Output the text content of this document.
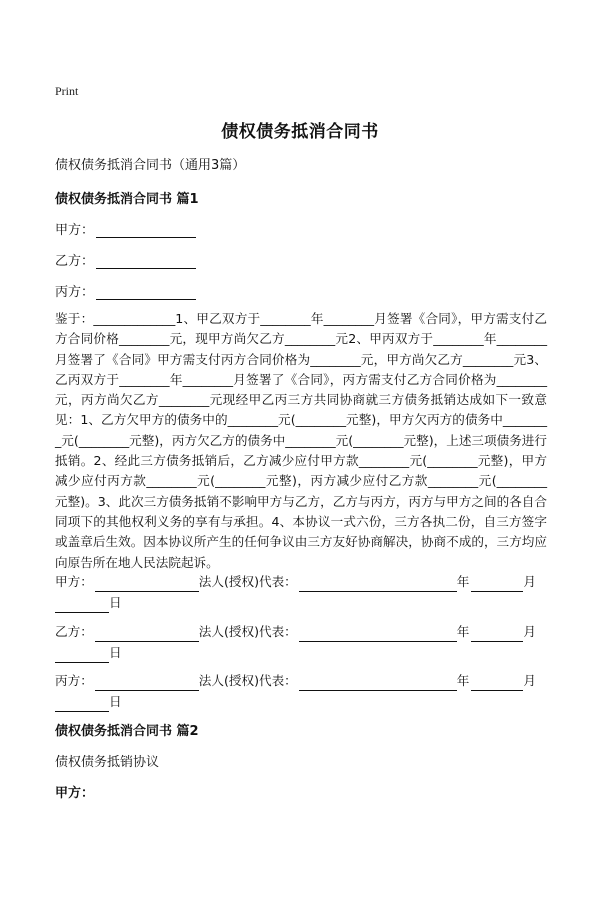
Print
债权债务抵消合同书
债权债务抵消合同书（通用3篇）
债权债务抵消合同书 篇1
甲方：
乙方：
丙方：
鉴于：_____________1、甲乙双方于________年________月签署《合同》，甲方需支付乙方合同价格________元，现甲方尚欠乙方________元2、甲丙双方于________年________月签署了《合同》甲方需支付丙方合同价格为________元，甲方尚欠乙方________元3、乙丙双方于________年________月签署了《合同》，丙方需支付乙方合同价格为________元，丙方尚欠乙方________元现经甲乙丙三方共同协商就三方债务抵销达成如下一致意见：1、乙方欠甲方的债务中的________元(________元整)，甲方欠丙方的债务中________元(________元整)，丙方欠乙方的债务中________元(________元整)，上述三项债务进行抵销。2、经此三方债务抵销后，乙方减少应付甲方款________元(________元整)，甲方减少应付丙方款________元(________元整)，丙方减少应付乙方款________元(________元整)。3、此次三方债务抵销不影响甲方与乙方，乙方与丙方，丙方与甲方之间的各自合同项下的其他权利义务的享有与承担。4、本协议一式六份，三方各执二份，自三方签字或盖章后生效。因本协议所产生的任何争议由三方友好协商解决，协商不成的，三方均应向原告所在地人民法院起诉。
甲方：	法人(授权)代表：	年	月
日
乙方：	法人(授权)代表：	年	月
日
丙方：	法人(授权)代表：	年	月
日
债权债务抵消合同书 篇2
债权债务抵销协议
甲方：
